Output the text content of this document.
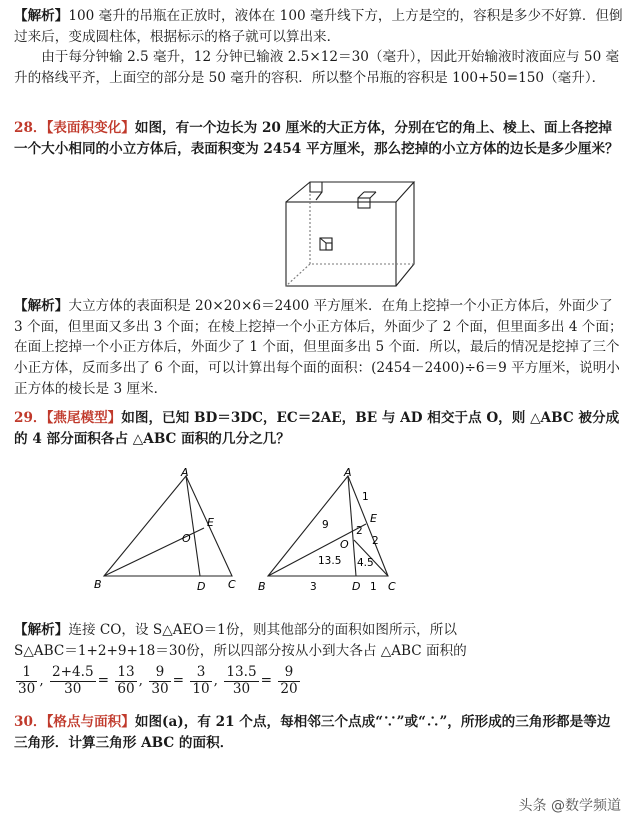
【解析】100 毫升的吊瓶在正放时，液体在 100 毫升线下方，上方是空的，容积是多少不好算．但倒过来后，变成圆柱体，根据标示的格子就可以算出来．

由于每分钟输 2.5 毫升，12 分钟已输液 2.5×12＝30（毫升），因此开始输液时液面应与 50 毫升的格线平齐，上面空的部分是 50 毫升的容积．所以整个吊瓶的容积是 100+50=150（毫升）．

28．【表面积变化】如图，有一个边长为 20 厘米的大正方体，分别在它的角上、棱上、面上各挖掉一个大小相同的小立方体后，表面积变为 2454 平方厘米，那么挖掉的小立方体的边长是多少厘米？

【解析】大立方体的表面积是 20×20×6＝2400 平方厘米．在角上挖掉一个小正方体后，外面少了 3 个面，但里面又多出 3 个面；在棱上挖掉一个小正方体后，外面少了 2 个面，但里面多出 4 个面；在面上挖掉一个小正方体后，外面少了 1 个面，但里面多出 5 个面．所以，最后的情况是挖掉了三个小正方体，反而多出了 6 个面，可以计算出每个面的面积：(2454－2400)÷6＝9 平方厘米，说明小正方体的棱长是 3 厘米．

29．【燕尾模型】如图，已知 BD＝3DC，EC＝2AE，BE 与 AD 相交于点 O，则 △ABC 被分成的 4 部分面积各占 △ABC 面积的几分之几？

A
B	C
D
E
O
A
B	C
D
E
O
9
1
2
2
13.5 4.5
3	1

【解析】连接 CO，设 S△AEO＝1份，则其他部分的面积如图所示，所以

S△ABC＝1+2+9+18＝30份，所以四部分按从小到大各占 △ABC 面积的

$\frac{1}{30}$ , $\frac{2+4.5}{30} = \frac{13}{60}$ , $\frac{9}{30} = \frac{3}{10}$ , $\frac{13.5}{30} = \frac{9}{20}$

30．【格点与面积】如图(a)，有 21 个点，每相邻三个点成“∵”或“∴”，所形成的三角形都是等边三角形．计算三角形 ABC 的面积．

头条 @数学频道
